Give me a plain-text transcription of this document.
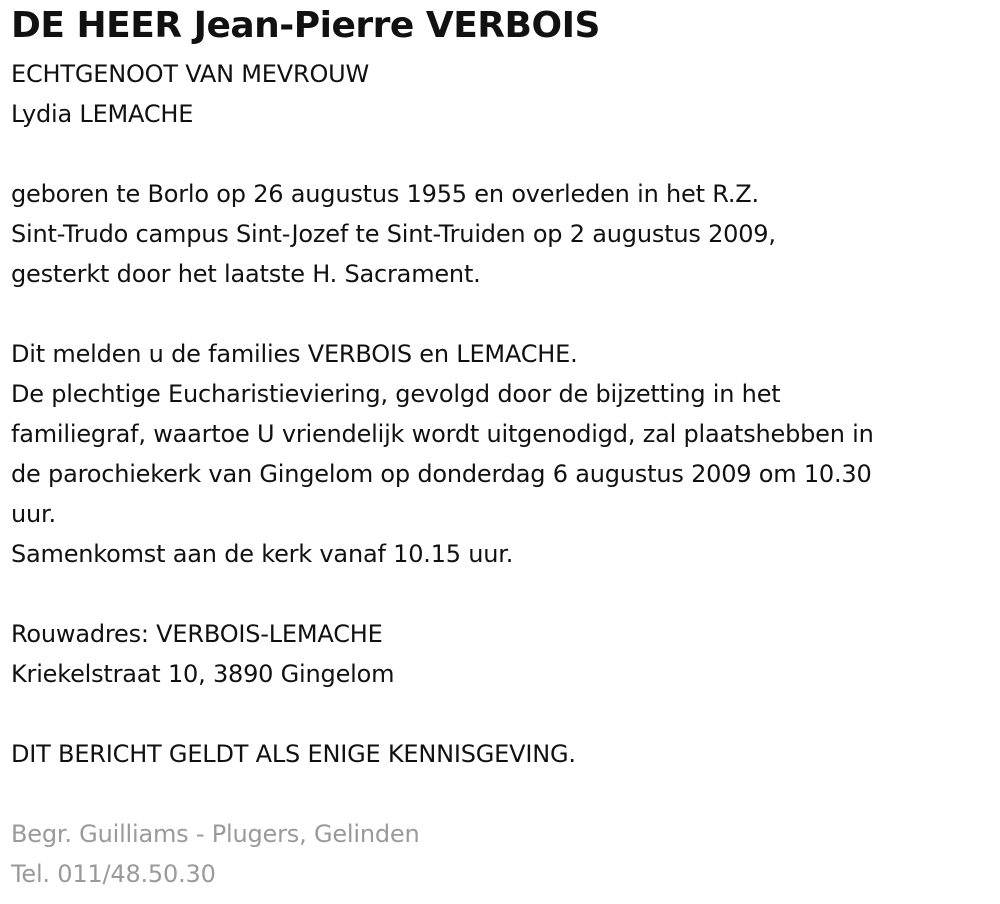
DE HEER Jean-Pierre VERBOIS
ECHTGENOOT VAN MEVROUW
Lydia LEMACHE
geboren te Borlo op 26 augustus 1955 en overleden in het R.Z.
Sint-Trudo campus Sint-Jozef te Sint-Truiden op 2 augustus 2009,
gesterkt door het laatste H. Sacrament.
Dit melden u de families VERBOIS en LEMACHE.
De plechtige Eucharistieviering, gevolgd door de bijzetting in het
familiegraf, waartoe U vriendelijk wordt uitgenodigd, zal plaatshebben in
de parochiekerk van Gingelom op donderdag 6 augustus 2009 om 10.30
uur.
Samenkomst aan de kerk vanaf 10.15 uur.
Rouwadres: VERBOIS-LEMACHE
Kriekelstraat 10, 3890 Gingelom
DIT BERICHT GELDT ALS ENIGE KENNISGEVING.
Begr. Guilliams - Plugers, Gelinden
Tel. 011/48.50.30
